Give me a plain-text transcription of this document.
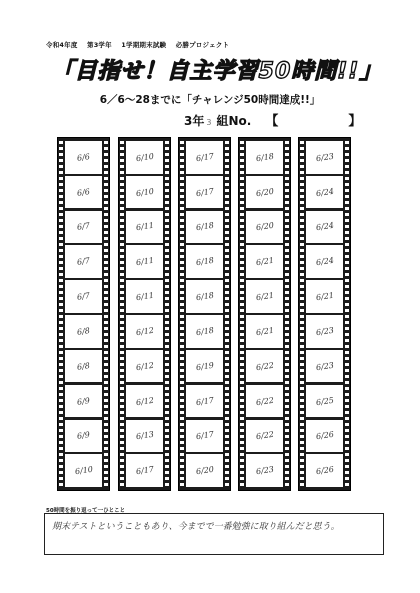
令和4年度 第3学年 1学期期末試験 必勝プロジェクト
「目指せ！自主学習50時間!!」
6／6～28までに「チャレンジ50時間達成!!」
3年 3 組No. 【	】
6/6
6/6
6/7
6/7
6/7
6/8
6/8
6/9
6/9
6/10
6/10
6/10
6/11
6/11
6/11
6/12
6/12
6/12
6/13
6/17
6/17
6/17
6/18
6/18
6/18
6/18
6/19
6/17
6/17
6/20
6/18
6/20
6/20
6/21
6/21
6/21
6/22
6/22
6/22
6/23
6/23
6/24
6/24
6/24
6/21
6/23
6/23
6/25
6/26
6/26
50時間を振り返って一ひとこと
期末テストということもあり、今までで一番勉強に取り組んだと思う。
